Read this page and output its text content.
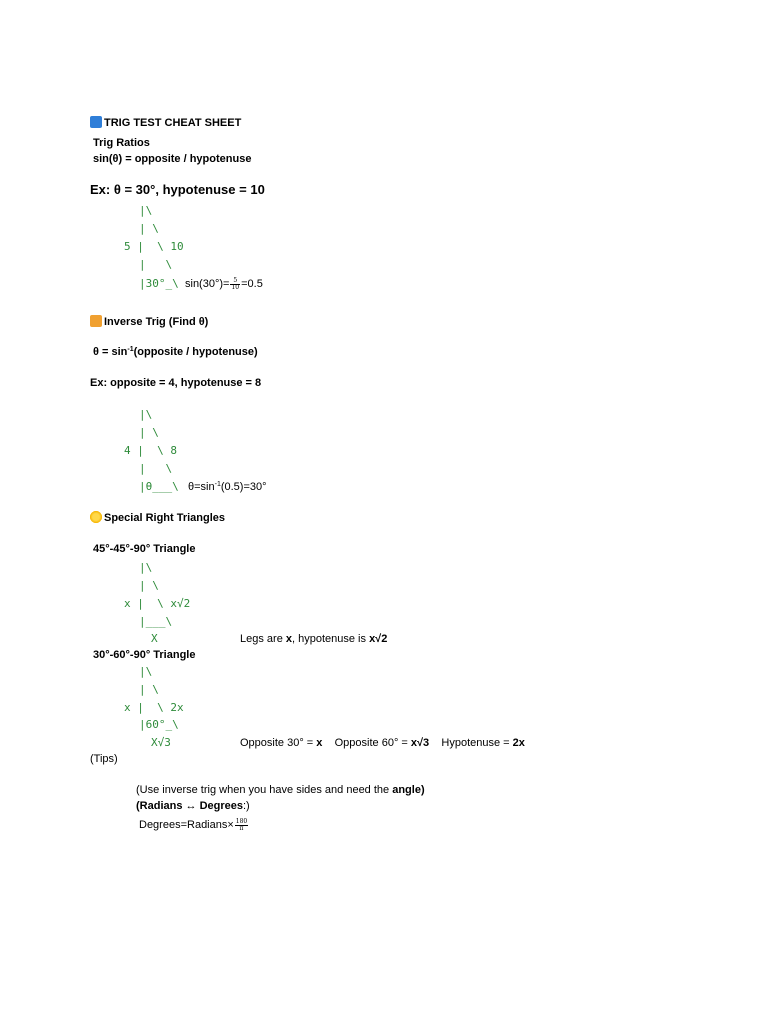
TRIG TEST CHEAT SHEET
Trig Ratios
sin(θ) = opposite / hypotenuse
Ex: θ = 30°, hypotenuse = 10
|\
| \
5 |  \ 10
|   \
|30°_\ $\sin(30^\circ)= \frac{5}{10} =0.5$
Inverse Trig (Find θ)
$\theta = \sin^{-1}(opposite$ / hypotenuse)
Ex: opposite = 4, hypotenuse = 8
|\
| \
4 |  \ 8
|   \
|θ___\ $\theta=\sin^{-1}(0.5)=30^\circ$
Special Right Triangles
45°-45°-90° Triangle
|\
| \
x |  \ x√2
|___\
X	Legs are x, hypotenuse is x√2
30°-60°-90° Triangle
|\
| \
x |  \ 2x
|60°_\
X√3	Opposite 30° = x Opposite 60° = x√3 Hypotenuse = 2x
(Tips)
(Use inverse trig when you have sides and need the angle)
(Radians ↔ Degrees:)
Degrees=Radians× $\frac{180}{\pi}$
